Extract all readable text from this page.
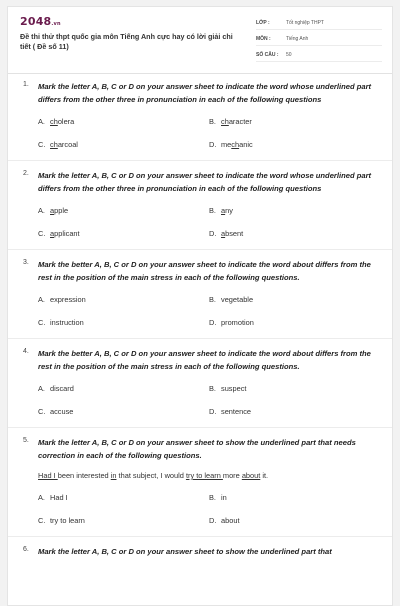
2048.vn
Đề thi thử thpt quốc gia môn Tiếng Anh cực hay có lời giải chi tiết ( Đề số 11)
LỚP :	Tốt nghiệp THPT
MÔN :	Tiếng Anh
SỐ CÂU :	50
1. Mark the letter A, B, C or D on your answer sheet to indicate the word whose underlined part differs from the other three in pronunciation in each of the following questions
A. cholera	B. character
C. charcoal	D. mechanic
2. Mark the letter A, B, C or D on your answer sheet to indicate the word whose underlined part differs from the other three in pronunciation in each of the following questions
A. apple	B. any
C. applicant	D. absent
3. Mark the better A, B, C or D on your answer sheet to indicate the word about differs from the rest in the position of the main stress in each of the following questions.
A. expression	B. vegetable
C. instruction	D. promotion
4. Mark the better A, B, C or D on your answer sheet to indicate the word about differs from the rest in the position of the main stress in each of the following questions.
A. discard	B. suspect
C. accuse	D. sentence
5. Mark the letter A, B, C or D on your answer sheet to show the underlined part that needs correction in each of the following questions.
Had I been interested in that subject, I would try to learn more about it.
A. Had I	B. in
C. try to learn	D. about
6. Mark the letter A, B, C or D on your answer sheet to show the underlined part that
